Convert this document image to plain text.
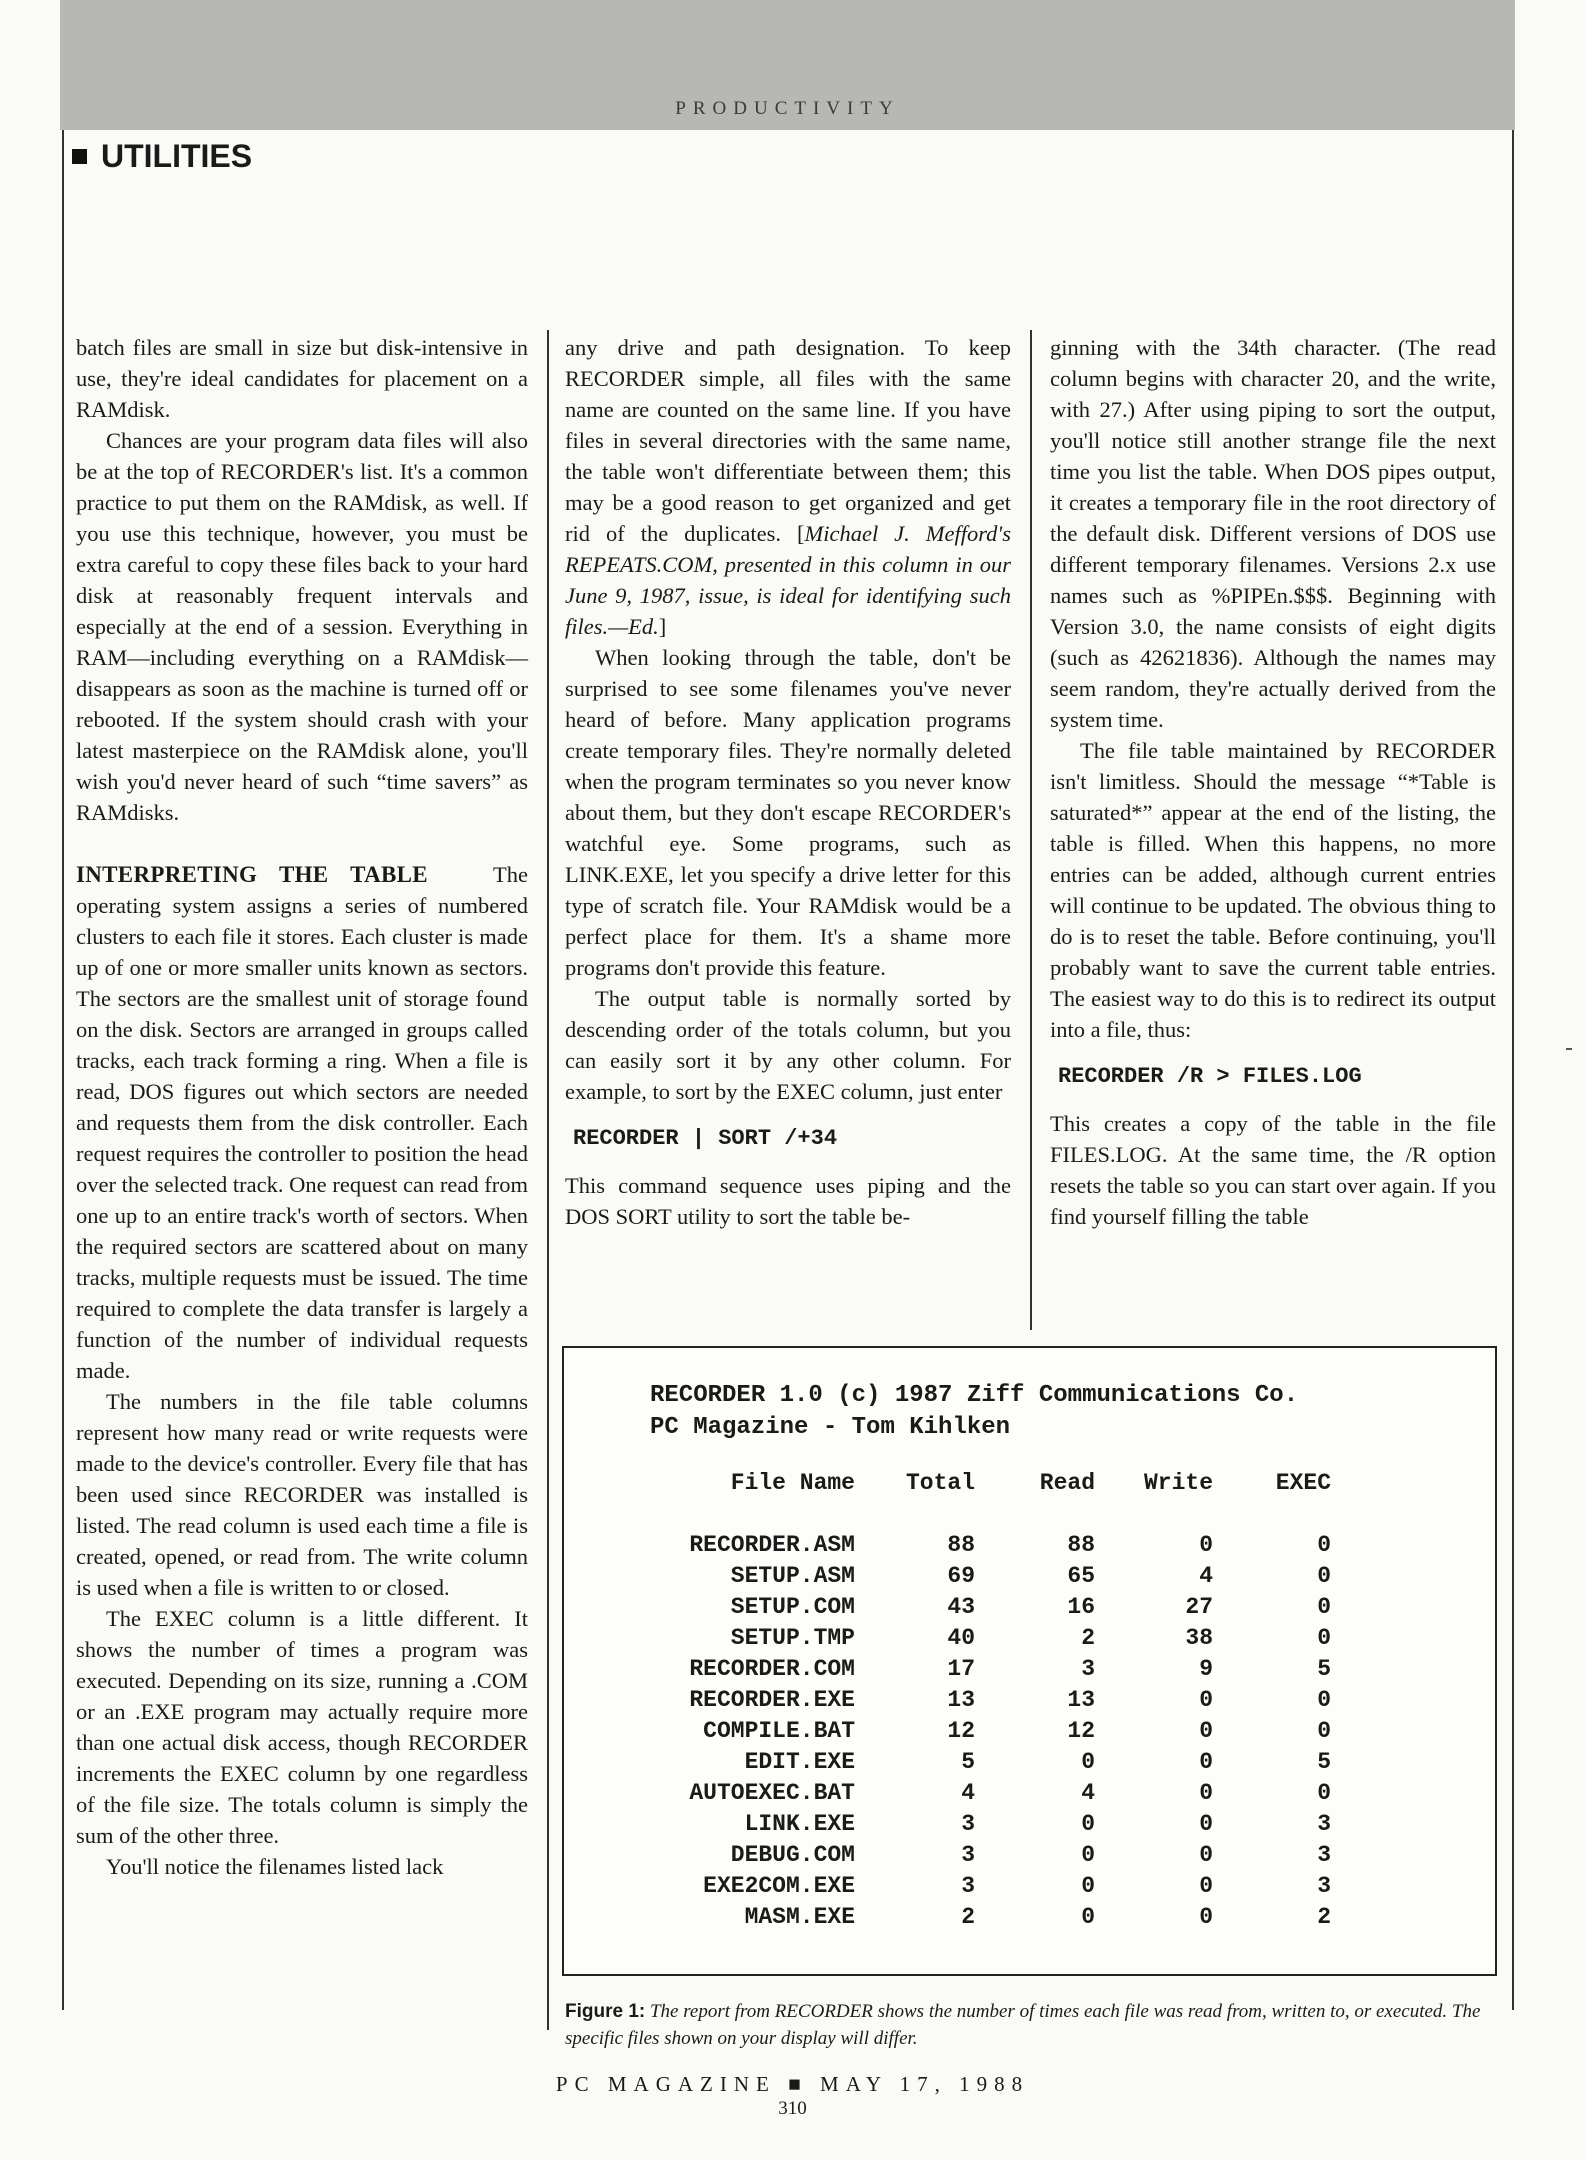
PRODUCTIVITY
UTILITIES

batch files are small in size but disk-intensive in use, they're ideal candidates for placement on a RAMdisk.

Chances are your program data files will also be at the top of RECORDER's list. It's a common practice to put them on the RAMdisk, as well. If you use this technique, however, you must be extra careful to copy these files back to your hard disk at reasonably frequent intervals and especially at the end of a session. Everything in RAM—including everything on a RAMdisk—disappears as soon as the machine is turned off or rebooted. If the system should crash with your latest masterpiece on the RAMdisk alone, you'll wish you'd never heard of such “time savers” as RAMdisks.

INTERPRETING THE TABLE	The operating system assigns a series of numbered clusters to each file it stores. Each cluster is made up of one or more smaller units known as sectors. The sectors are the smallest unit of storage found on the disk. Sectors are arranged in groups called tracks, each track forming a ring. When a file is read, DOS figures out which sectors are needed and requests them from the disk controller. Each request requires the controller to position the head over the selected track. One request can read from one up to an entire track's worth of sectors. When the required sectors are scattered about on many tracks, multiple requests must be issued. The time required to complete the data transfer is largely a function of the number of individual requests made.

The numbers in the file table columns represent how many read or write requests were made to the device's controller. Every file that has been used since RECORDER was installed is listed. The read column is used each time a file is created, opened, or read from. The write column is used when a file is written to or closed.

The EXEC column is a little different. It shows the number of times a program was executed. Depending on its size, running a .COM or an .EXE program may actually require more than one actual disk access, though RECORDER increments the EXEC column by one regardless of the file size. The totals column is simply the sum of the other three.

You'll notice the filenames listed lack

any drive and path designation. To keep RECORDER simple, all files with the same name are counted on the same line. If you have files in several directories with the same name, the table won't differentiate between them; this may be a good reason to get organized and get rid of the duplicates. [Michael J. Mefford's REPEATS.COM, presented in this column in our June 9, 1987, issue, is ideal for identifying such files.—Ed.]

When looking through the table, don't be surprised to see some filenames you've never heard of before. Many application programs create temporary files. They're normally deleted when the program terminates so you never know about them, but they don't escape RECORDER's watchful eye. Some programs, such as LINK.EXE, let you specify a drive letter for this type of scratch file. Your RAMdisk would be a perfect place for them. It's a shame more programs don't provide this feature.

The output table is normally sorted by descending order of the totals column, but you can easily sort it by any other column. For example, to sort by the EXEC column, just enter

RECORDER | SORT /+34

This command sequence uses piping and the DOS SORT utility to sort the table be-

ginning with the 34th character. (The read column begins with character 20, and the write, with 27.) After using piping to sort the output, you'll notice still another strange file the next time you list the table. When DOS pipes output, it creates a temporary file in the root directory of the default disk. Different versions of DOS use different temporary filenames. Versions 2.x use names such as %PIPEn.$$$. Beginning with Version 3.0, the name consists of eight digits (such as 42621836). Although the names may seem random, they're actually derived from the system time.

The file table maintained by RECORDER isn't limitless. Should the message “*Table is saturated*” appear at the end of the listing, the table is filled. When this happens, no more entries can be added, although current entries will continue to be updated. The obvious thing to do is to reset the table. Before continuing, you'll probably want to save the current table entries. The easiest way to do this is to redirect its output into a file, thus:

RECORDER /R > FILES.LOG

This creates a copy of the table in the file FILES.LOG. At the same time, the /R option resets the table so you can start over again. If you find yourself filling the table

RECORDER 1.0 (c) 1987 Ziff Communications Co.
PC Magazine - Tom Kihlken
File Name	Total	Read	Write	EXEC
RECORDER.ASM	88	88	0	0
SETUP.ASM	69	65	4	0
SETUP.COM	43	16	27	0
SETUP.TMP	40	2	38	0
RECORDER.COM	17	3	9	5
RECORDER.EXE	13	13	0	0
COMPILE.BAT	12	12	0	0
EDIT.EXE	5	0	0	5
AUTOEXEC.BAT	4	4	0	0
LINK.EXE	3	0	0	3
DEBUG.COM	3	0	0	3
EXE2COM.EXE	3	0	0	3
MASM.EXE	2	0	0	2
Figure 1: The report from RECORDER shows the number of times each file was read from, written to, or executed. The specific files shown on your display will differ.
PC MAGAZINE ■ MAY 17, 1988
310
